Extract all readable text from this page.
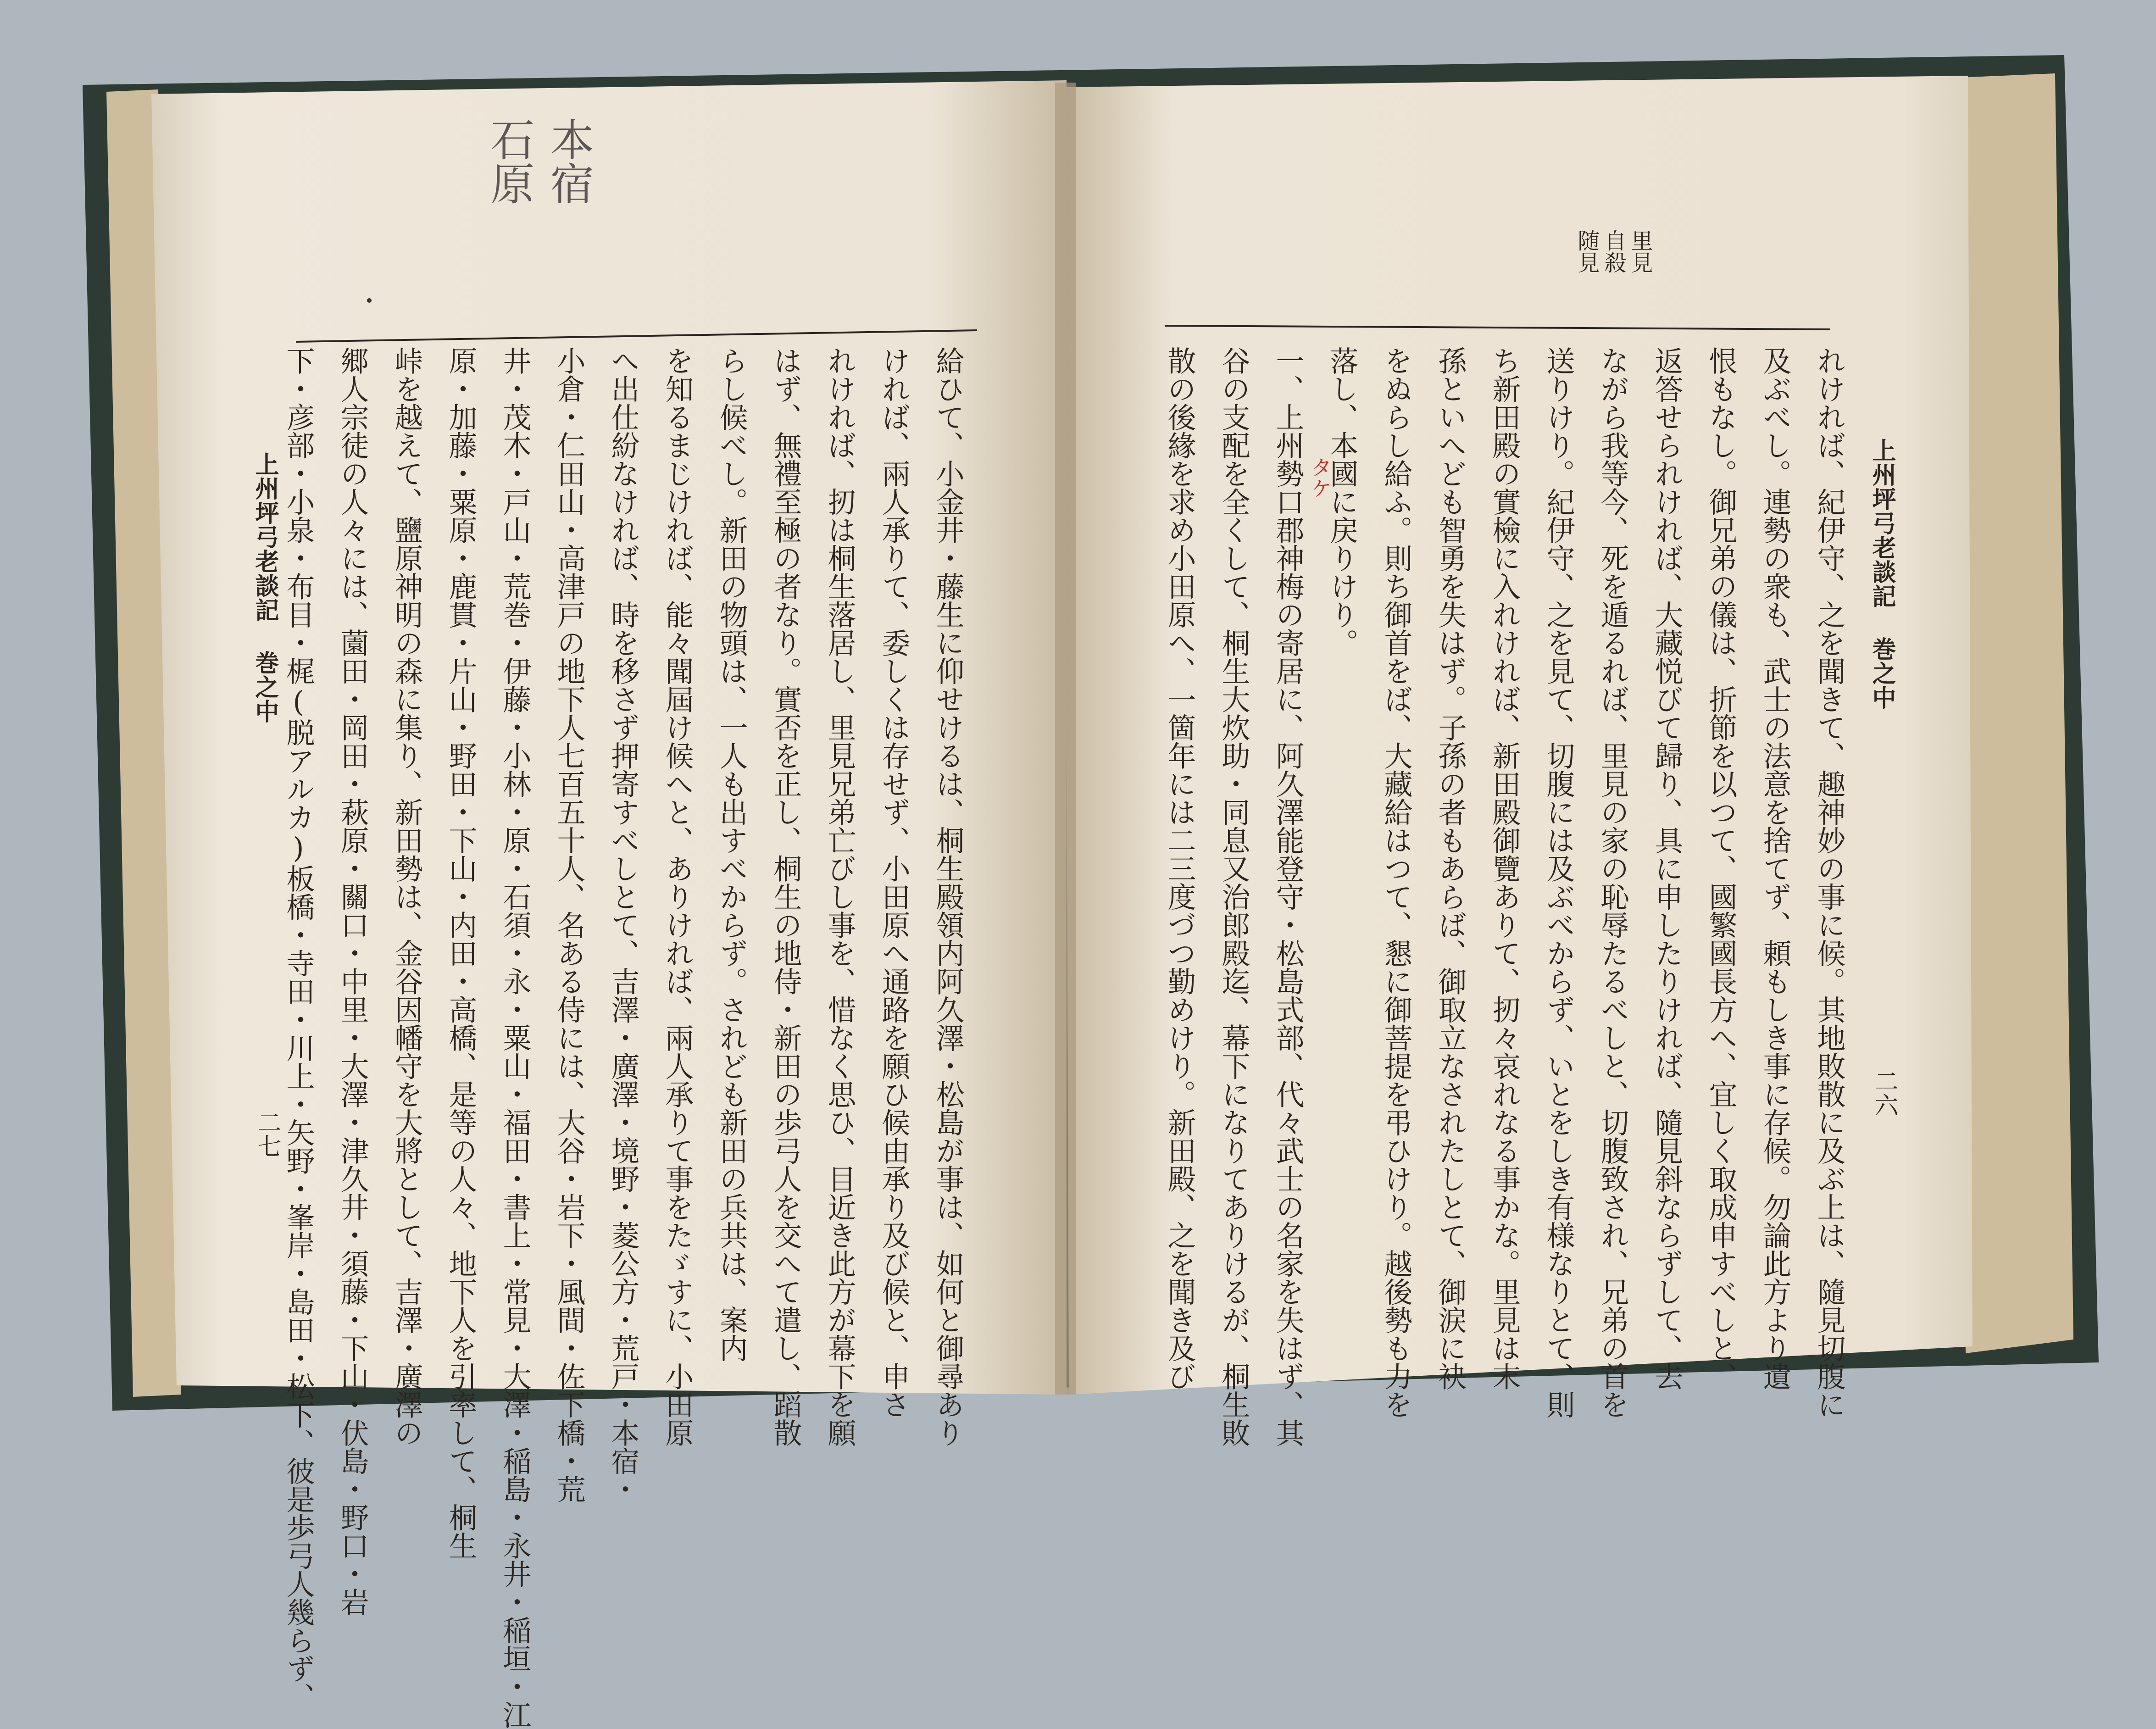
本宿
石原
給ひて、小金井・藤生に仰せけるは、桐生殿領内阿久澤・松島が事は、如何と御尋あり
ければ、兩人承りて、委しくは存せず、小田原へ通路を願ひ候由承り及び候と、申さ
れければ、扨は桐生落居し、里見兄弟亡びし事を、惜なく思ひ、目近き此方が幕下を願
はず、無禮至極の者なり。實否を正し、桐生の地侍・新田の歩弓人を交へて遣し、蹈散
らし候べし。新田の物頭は、一人も出すべからず。されども新田の兵共は、案内
を知るまじければ、能々聞屆け候へと、ありければ、兩人承りて事をたゞすに、小田原
へ出仕紛なければ、時を移さず押寄すべしとて、吉澤・廣澤・境野・菱公方・荒戸・本宿・
小倉・仁田山・高津戸の地下人七百五十人、名ある侍には、大谷・岩下・風間・佐下橋・荒
井・茂木・戸山・荒巻・伊藤・小林・原・石須・永・粟山・福田・書上・常見・大澤・稲島・永井・稲垣・江
原・加藤・粟原・鹿貫・片山・野田・下山・内田・高橋、是等の人々、地下人を引率して、桐生
峠を越えて、鹽原神明の森に集り、新田勢は、金谷因幡守を大將として、吉澤・廣澤の
郷人宗徒の人々には、薗田・岡田・萩原・關口・中里・大澤・津久井・須藤・下山・伏島・野口・岩
下・彦部・小泉・布目・梶(脱アルカ)板橋・寺田・川上・矢野・峯岸・島田・松下、彼是歩弓人幾らず、
上州坪弓老談記 巻之中
二七
里見
自殺
随見
れければ、紀伊守、之を聞きて、趣神妙の事に候。其地敗散に及ぶ上は、隨見切腹に
及ぶべし。連勢の衆も、武士の法意を捨てず、頼もしき事に存候。勿論此方より遺
恨もなし。御兄弟の儀は、折節を以つて、國繁國長方へ、宜しく取成申すべしと、
返答せられければ、大藏悦びて歸り、具に申したりければ、隨見斜ならずして、去
ながら我等今、死を遁るれば、里見の家の恥辱たるべしと、切腹致され、兄弟の首を
送りけり。紀伊守、之を見て、切腹には及ぶべからず、いとをしき有様なりとて、則
ち新田殿の實檢に入れければ、新田殿御覽ありて、扨々哀れなる事かな。里見は末
孫といへども智勇を失はず。子孫の者もあらば、御取立なされたしとて、御涙に袂
をぬらし給ふ。則ち御首をば、大藏給はつて、懇に御菩提を弔ひけり。越後勢も力を
落し、本國に戻りけり。
一、上州勢口郡神梅の寄居に、阿久澤能登守・松島式部、代々武士の名家を失はず、其
谷の支配を全くして、桐生大炊助・同息又治郎殿迄、幕下になりてありけるが、桐生敗
散の後緣を求め小田原へ、一箇年には二三度づつ勤めけり。新田殿、之を聞き及び	上州坪弓老談記 巻之中
二六
タケ
